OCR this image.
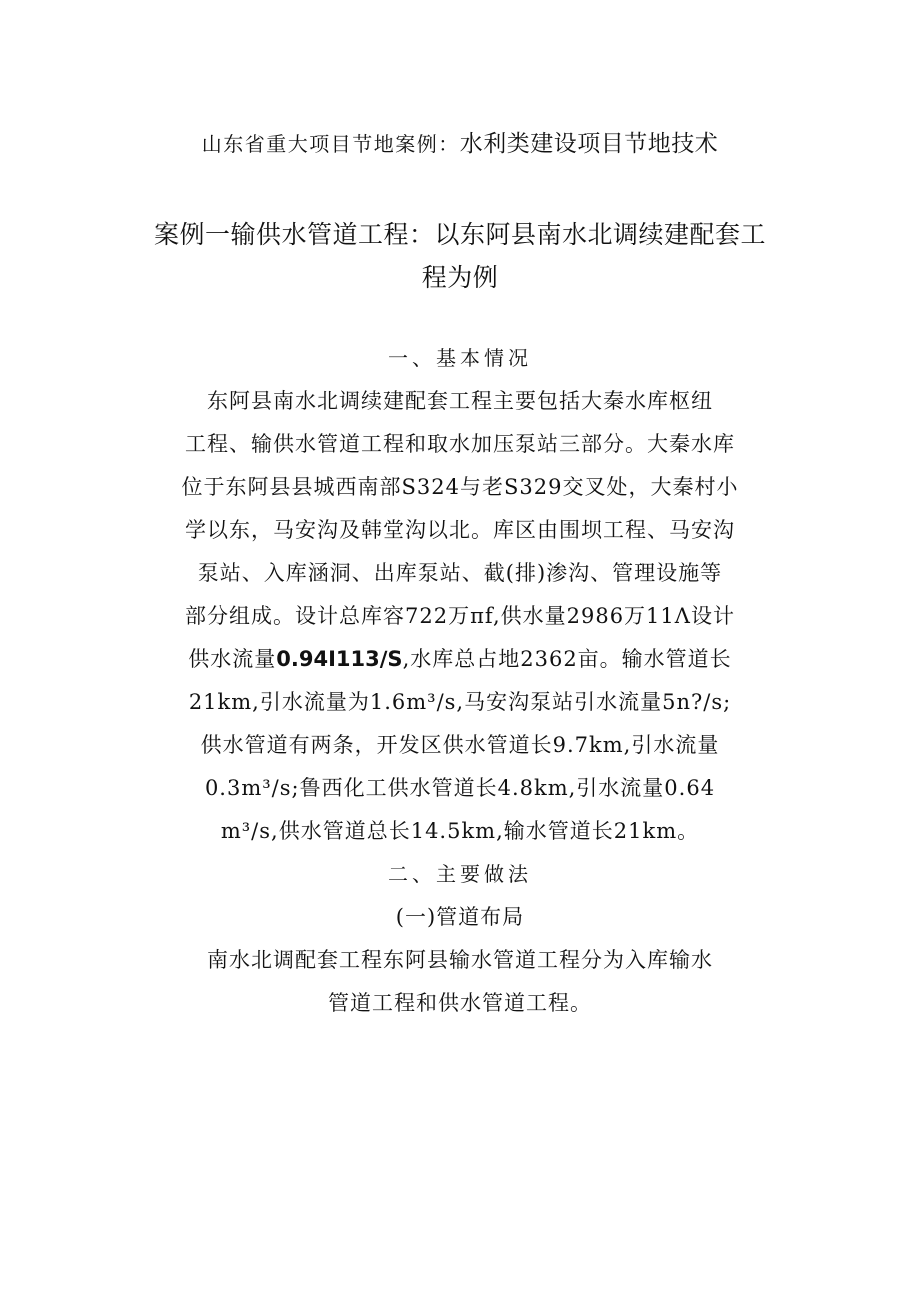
山东省重大项目节地案例：水利类建设项目节地技术
案例一输供水管道工程：以东阿县南水北调续建配套工
程为例
一、基本情况
东阿县南水北调续建配套工程主要包括大秦水库枢纽
工程、输供水管道工程和取水加压泵站三部分。大秦水库
位于东阿县县城西南部S324与老S329交叉处，大秦村小
学以东，马安沟及韩堂沟以北。库区由围坝工程、马安沟
泵站、入库涵洞、出库泵站、截(排)渗沟、管理设施等
部分组成。设计总库容722万πf,供水量2986万11Λ设计
供水流量0.94I113∕S,水库总占地2362亩。输水管道长
21km,引水流量为1.6m³/s,马安沟泵站引水流量5n?/s;
供水管道有两条，开发区供水管道长9.7km,引水流量
0.3m³/s;鲁西化工供水管道长4.8km,引水流量0.64
m³/s,供水管道总长14.5km,输水管道长21km。
二、主要做法
(一)管道布局
南水北调配套工程东阿县输水管道工程分为入库输水
管道工程和供水管道工程。
